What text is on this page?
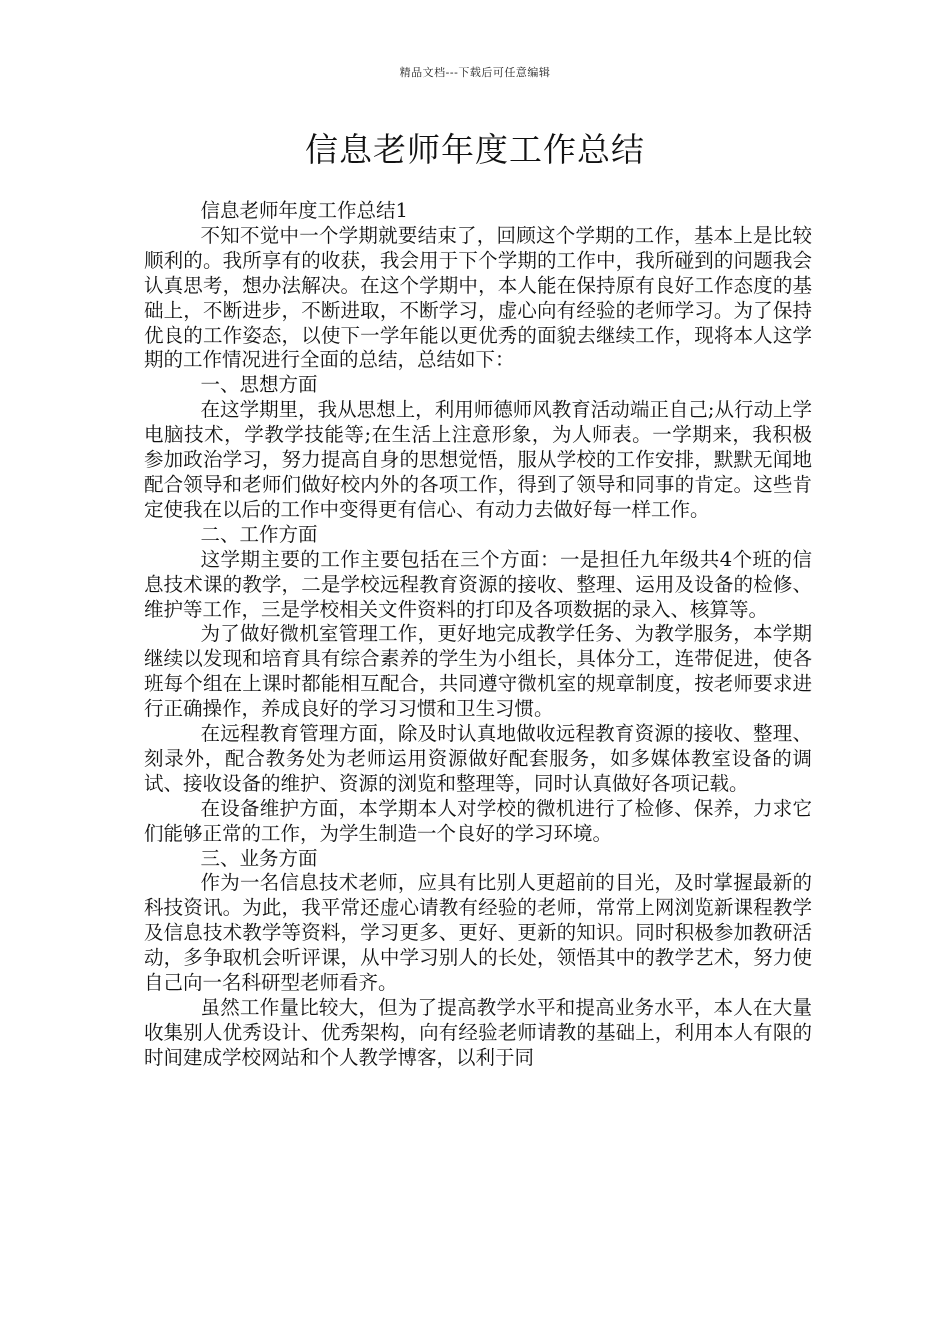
精品文档---下载后可任意编辑
信息老师年度工作总结

信息老师年度工作总结1

不知不觉中一个学期就要结束了，回顾这个学期的工作，基本上是比较顺利的。我所享有的收获，我会用于下个学期的工作中，我所碰到的问题我会认真思考，想办法解决。在这个学期中，本人能在保持原有良好工作态度的基础上，不断进步，不断进取，不断学习，虚心向有经验的老师学习。为了保持优良的工作姿态，以使下一学年能以更优秀的面貌去继续工作，现将本人这学期的工作情况进行全面的总结，总结如下：

一、思想方面

在这学期里，我从思想上，利用师德师风教育活动端正自己;从行动上学电脑技术，学教学技能等;在生活上注意形象，为人师表。一学期来，我积极参加政治学习，努力提高自身的思想觉悟，服从学校的工作安排，默默无闻地配合领导和老师们做好校内外的各项工作，得到了领导和同事的肯定。这些肯定使我在以后的工作中变得更有信心、有动力去做好每一样工作。

二、工作方面

这学期主要的工作主要包括在三个方面：一是担任九年级共4个班的信息技术课的教学，二是学校远程教育资源的接收、整理、运用及设备的检修、维护等工作，三是学校相关文件资料的打印及各项数据的录入、核算等。

为了做好微机室管理工作，更好地完成教学任务、为教学服务，本学期继续以发现和培育具有综合素养的学生为小组长，具体分工，连带促进，使各班每个组在上课时都能相互配合，共同遵守微机室的规章制度，按老师要求进行正确操作，养成良好的学习习惯和卫生习惯。

在远程教育管理方面，除及时认真地做收远程教育资源的接收、整理、刻录外，配合教务处为老师运用资源做好配套服务，如多媒体教室设备的调试、接收设备的维护、资源的浏览和整理等，同时认真做好各项记载。

在设备维护方面，本学期本人对学校的微机进行了检修、保养，力求它们能够正常的工作，为学生制造一个良好的学习环境。

三、业务方面

作为一名信息技术老师，应具有比别人更超前的目光，及时掌握最新的科技资讯。为此，我平常还虚心请教有经验的老师，常常上网浏览新课程教学及信息技术教学等资料，学习更多、更好、更新的知识。同时积极参加教研活动，多争取机会听评课，从中学习别人的长处，领悟其中的教学艺术，努力使自己向一名科研型老师看齐。

虽然工作量比较大，但为了提高教学水平和提高业务水平，本人在大量收集别人优秀设计、优秀架构，向有经验老师请教的基础上，利用本人有限的时间建成学校网站和个人教学博客，以利于同
